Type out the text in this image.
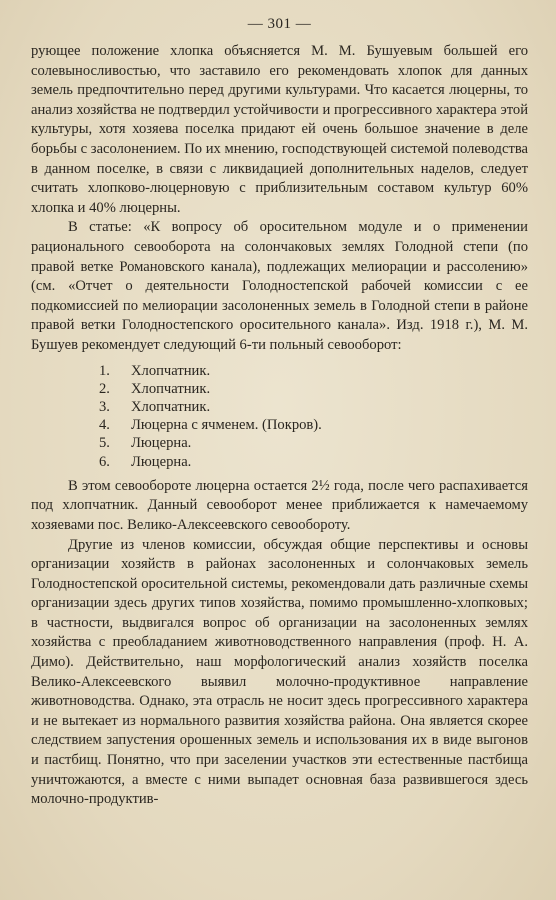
— 301 —

рующее положение хлопка объясняется М. М. Бушуевым большей его солевыносливостью, что заставило его рекомендовать хлопок для данных земель предпочтительно перед другими культурами. Что касается люцерны, то анализ хозяйства не подтвердил устойчивости и прогрессивного характера этой культуры, хотя хозяева поселка придают ей очень большое значение в деле борьбы с засолонением. По их мнению, господствующей системой полеводства в данном поселке, в связи с ликвидацией дополнительных наделов, следует считать хлопково-люцерновую с приблизительным составом культур 60% хлопка и 40% люцерны.

В статье: «К вопросу об оросительном модуле и о применении рационального севооборота на солончаковых землях Голодной степи (по правой ветке Романовского канала), подлежащих мелиорации и рассолению» (см. «Отчет о деятельности Голодностепской рабочей комиссии с ее подкомиссией по мелиорации засолоненных земель в Голодной степи в районе правой ветки Голодностепского оросительного канала». Изд. 1918 г.), М. М. Бушуев рекомендует следующий 6-ти польный севооборот:

1.	Хлопчатник.
2.	Хлопчатник.
3.	Хлопчатник.
4.	Люцерна с ячменем. (Покров).
5.	Люцерна.
6.	Люцерна.

В этом севообороте люцерна остается 2½ года, после чего распахивается под хлопчатник. Данный севооборот менее приближается к намечаемому хозяевами пос. Велико-Алексеевского севообороту.

Другие из членов комиссии, обсуждая общие перспективы и основы организации хозяйств в районах засолоненных и солончаковых земель Голодностепской оросительной системы, рекомендовали дать различные схемы организации здесь других типов хозяйства, помимо промышленно-хлопковых; в частности, выдвигался вопрос об организации на засолоненных землях хозяйства с преобладанием животноводственного направления (проф. Н. А. Димо). Действительно, наш морфологический анализ хозяйств поселка Велико-Алексеевского выявил молочно-продуктивное направление животноводства. Однако, эта отрасль не носит здесь прогрессивного характера и не вытекает из нормального развития хозяйства района. Она является скорее следствием запустения орошенных земель и использования их в виде выгонов и пастбищ. Понятно, что при заселении участков эти естественные пастбища уничтожаются, а вместе с ними выпадет основная база развившегося здесь молочно-продуктив-
